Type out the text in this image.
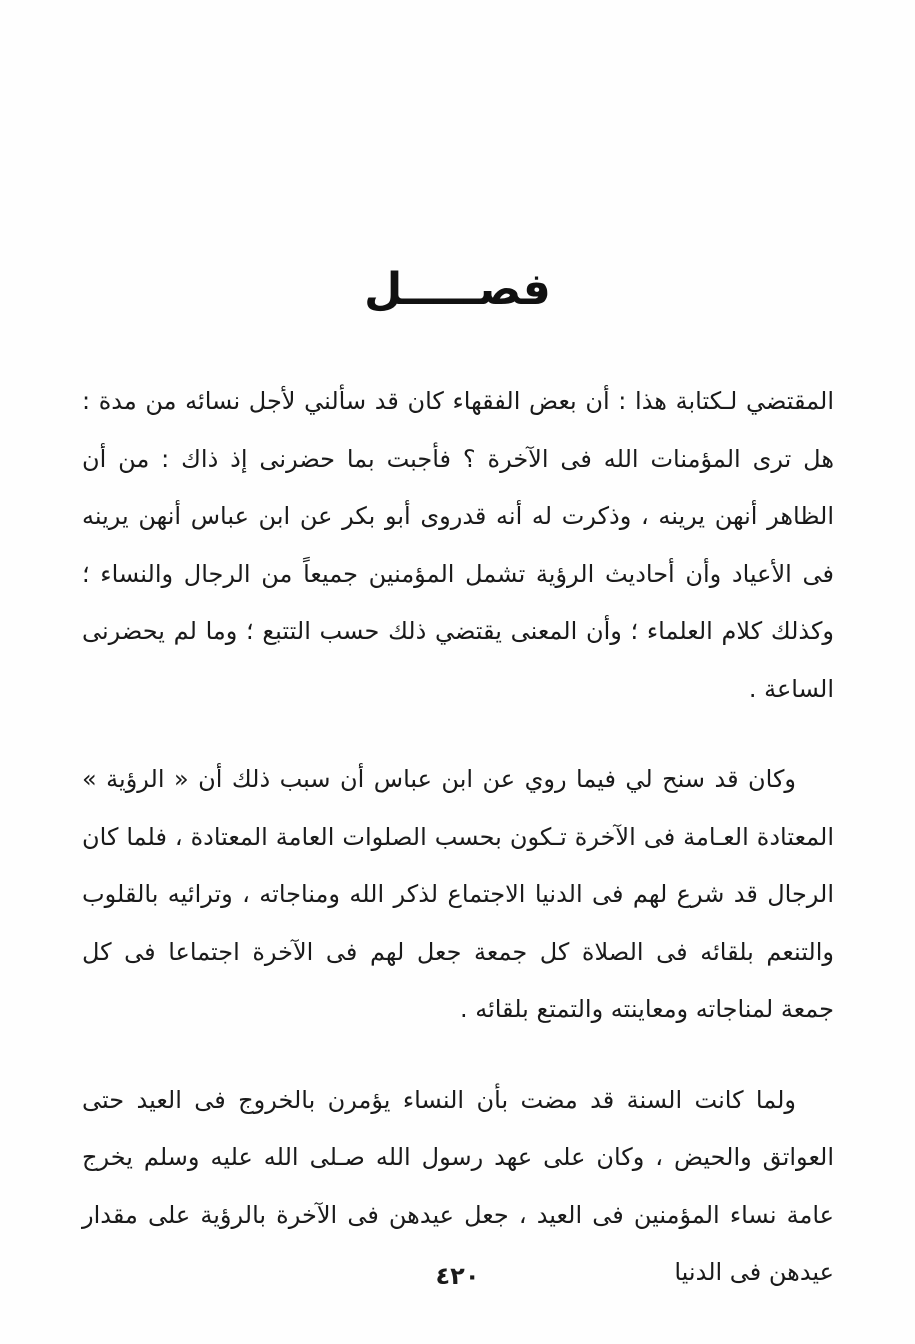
فصـــــل

المقتضي لـكتابة هذا : أن بعض الفقهاء كان قد سألني لأجل نسائه من مدة : هل ترى المؤمنات الله فى الآخرة ؟ فأجبت بما حضرنى إذ ذاك : من أن الظاهر أنهن يرينه ، وذكرت له أنه قدروى أبو بكر عن ابن عباس أنهن يرينه فى الأعياد وأن أحاديث الرؤية تشمل المؤمنين جميعاً من الرجال والنساء ؛ وكذلك كلام العلماء ؛ وأن المعنى يقتضي ذلك حسب التتبع ؛ وما لم يحضرنى الساعة .

وكان قد سنح لي فيما روي عن ابن عباس أن سبب ذلك أن « الرؤية » المعتادة العـامة فى الآخرة تـكون بحسب الصلوات العامة المعتادة ، فلما كان الرجال قد شرع لهم فى الدنيا الاجتماع لذكر الله ومناجاته ، وترائيه بالقلوب والتنعم بلقائه فى الصلاة كل جمعة جعل لهم فى الآخرة اجتماعا فى كل جمعة لمناجاته ومعاينته والتمتع بلقائه .

ولما كانت السنة قد مضت بأن النساء يؤمرن بالخروج فى العيد حتى العواتق والحيض ، وكان على عهد رسول الله صـلى الله عليه وسلم يخرج عامة نساء المؤمنين فى العيد ، جعل عيدهن فى الآخرة بالرؤية على مقدار عيدهن فى الدنيا

٤٢٠
